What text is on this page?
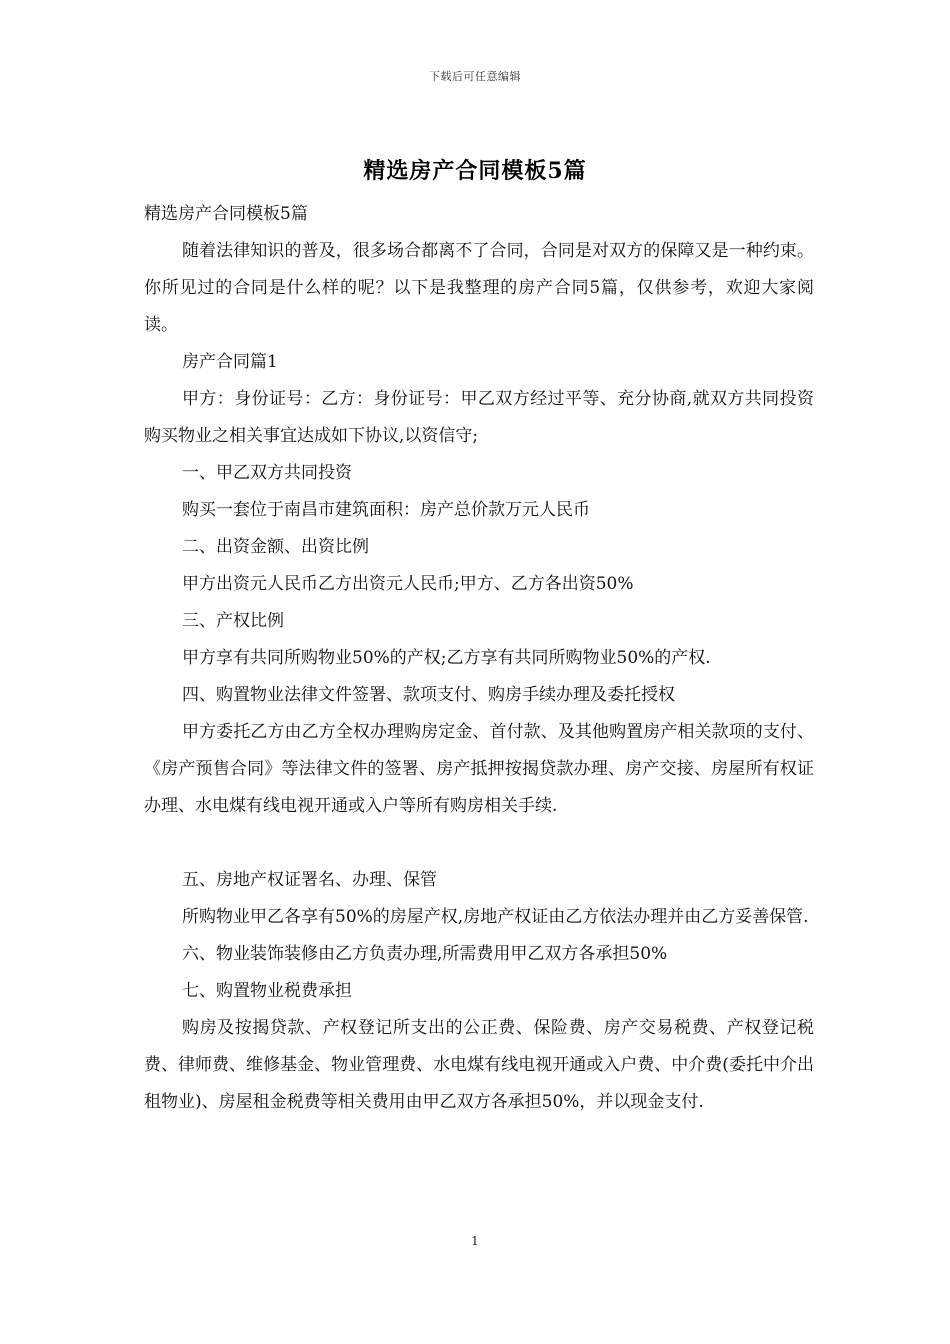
下载后可任意编辑
精选房产合同模板5篇

精选房产合同模板5篇

随着法律知识的普及，很多场合都离不了合同，合同是对双方的保障又是一种约束。你所见过的合同是什么样的呢？以下是我整理的房产合同5篇，仅供参考，欢迎大家阅读。

房产合同篇1

甲方：身份证号：乙方：身份证号：甲乙双方经过平等、充分协商,就双方共同投资购买物业之相关事宜达成如下协议,以资信守;

一、甲乙双方共同投资

购买一套位于南昌市建筑面积：房产总价款万元人民币

二、出资金额、出资比例

甲方出资元人民币乙方出资元人民币;甲方、乙方各出资50%

三、产权比例

甲方享有共同所购物业50%的产权;乙方享有共同所购物业50%的产权.

四、购置物业法律文件签署、款项支付、购房手续办理及委托授权

甲方委托乙方由乙方全权办理购房定金、首付款、及其他购置房产相关款项的支付、《房产预售合同》等法律文件的签署、房产抵押按揭贷款办理、房产交接、房屋所有权证办理、水电煤有线电视开通或入户等所有购房相关手续.

五、房地产权证署名、办理、保管

所购物业甲乙各享有50%的房屋产权,房地产权证由乙方依法办理并由乙方妥善保管.

六、物业装饰装修由乙方负责办理,所需费用甲乙双方各承担50%

七、购置物业税费承担

购房及按揭贷款、产权登记所支出的公正费、保险费、房产交易税费、产权登记税费、律师费、维修基金、物业管理费、水电煤有线电视开通或入户费、中介费(委托中介出租物业)、房屋租金税费等相关费用由甲乙双方各承担50%，并以现金支付.

1
